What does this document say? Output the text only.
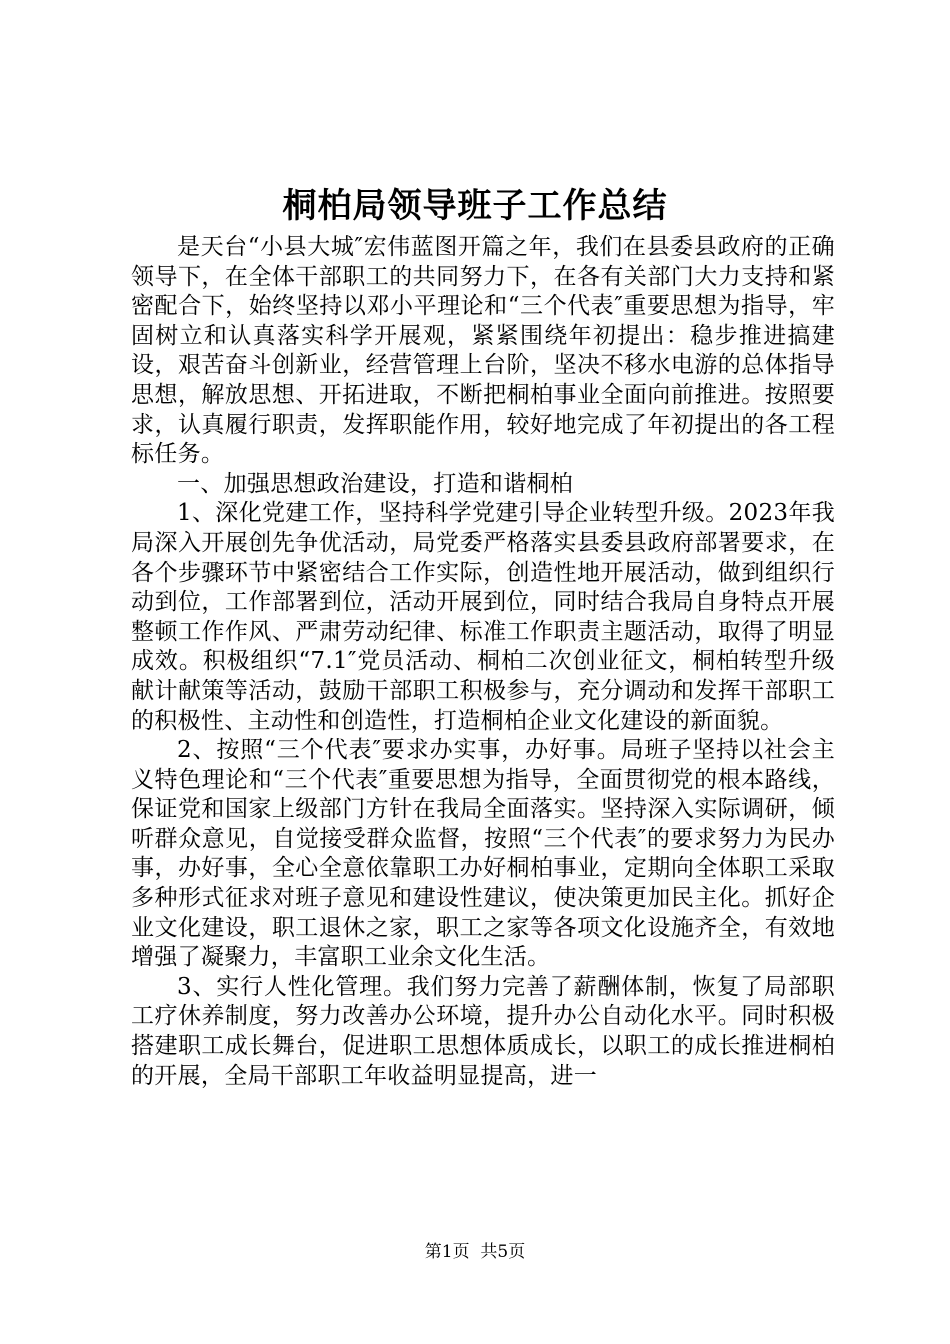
桐柏局领导班子工作总结

是天台“小县大城″宏伟蓝图开篇之年，我们在县委县政府的正确领导下，在全体干部职工的共同努力下，在各有关部门大力支持和紧密配合下，始终坚持以邓小平理论和“三个代表″重要思想为指导，牢固树立和认真落实科学开展观，紧紧围绕年初提出：稳步推进搞建设，艰苦奋斗创新业，经营管理上台阶，坚决不移水电游的总体指导思想，解放思想、开拓进取，不断把桐柏事业全面向前推进。按照要求，认真履行职责，发挥职能作用，较好地完成了年初提出的各工程标任务。

一、加强思想政治建设，打造和谐桐柏

1、深化党建工作，坚持科学党建引导企业转型升级。2023年我局深入开展创先争优活动，局党委严格落实县委县政府部署要求，在各个步骤环节中紧密结合工作实际，创造性地开展活动，做到组织行动到位，工作部署到位，活动开展到位，同时结合我局自身特点开展整顿工作作风、严肃劳动纪律、标准工作职责主题活动，取得了明显成效。积极组织“7.1″党员活动、桐柏二次创业征文，桐柏转型升级献计献策等活动，鼓励干部职工积极参与，充分调动和发挥干部职工的积极性、主动性和创造性，打造桐柏企业文化建设的新面貌。

2、按照“三个代表″要求办实事，办好事。局班子坚持以社会主义特色理论和“三个代表″重要思想为指导，全面贯彻党的根本路线，保证党和国家上级部门方针在我局全面落实。坚持深入实际调研，倾听群众意见，自觉接受群众监督，按照“三个代表″的要求努力为民办事，办好事，全心全意依靠职工办好桐柏事业，定期向全体职工采取多种形式征求对班子意见和建设性建议，使决策更加民主化。抓好企业文化建设，职工退休之家，职工之家等各项文化设施齐全，有效地增强了凝聚力，丰富职工业余文化生活。

3、实行人性化管理。我们努力完善了薪酬体制，恢复了局部职工疗休养制度，努力改善办公环境，提升办公自动化水平。同时积极搭建职工成长舞台，促进职工思想体质成长，以职工的成长推进桐柏的开展，全局干部职工年收益明显提高，进一

第1页 共5页
